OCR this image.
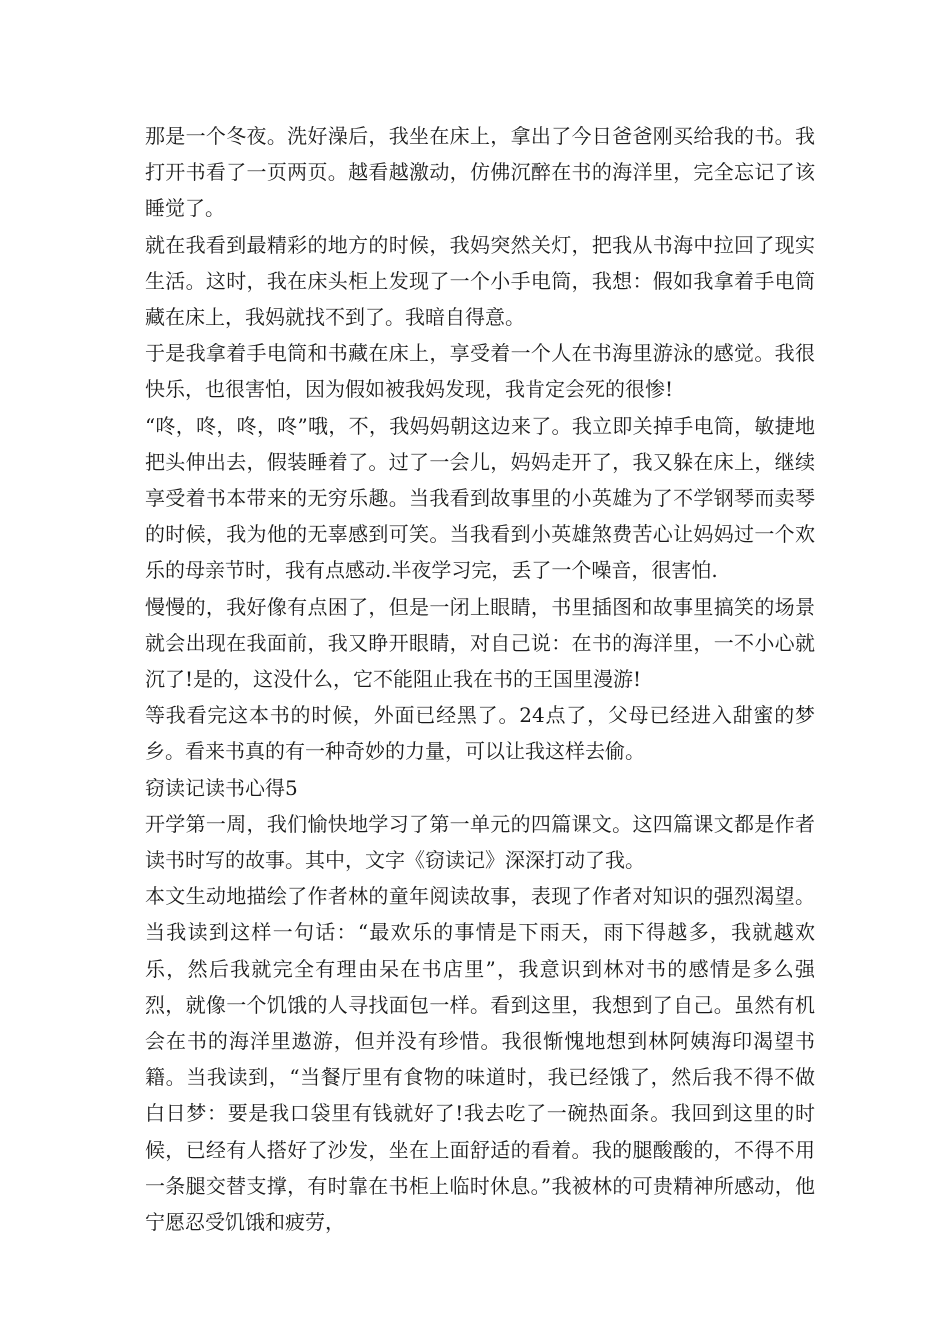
那是一个冬夜。洗好澡后，我坐在床上，拿出了今日爸爸刚买给我的书。我打开书看了一页两页。越看越激动，仿佛沉醉在书的海洋里，完全忘记了该睡觉了。

就在我看到最精彩的地方的时候，我妈突然关灯，把我从书海中拉回了现实生活。这时，我在床头柜上发现了一个小手电筒，我想：假如我拿着手电筒藏在床上，我妈就找不到了。我暗自得意。

于是我拿着手电筒和书藏在床上，享受着一个人在书海里游泳的感觉。我很快乐，也很害怕，因为假如被我妈发现，我肯定会死的很惨!

“咚，咚，咚，咚”哦，不，我妈妈朝这边来了。我立即关掉手电筒，敏捷地把头伸出去，假装睡着了。过了一会儿，妈妈走开了，我又躲在床上，继续享受着书本带来的无穷乐趣。当我看到故事里的小英雄为了不学钢琴而卖琴的时候，我为他的无辜感到可笑。当我看到小英雄煞费苦心让妈妈过一个欢乐的母亲节时，我有点感动.半夜学习完，丢了一个噪音，很害怕.

慢慢的，我好像有点困了，但是一闭上眼睛，书里插图和故事里搞笑的场景就会出现在我面前，我又睁开眼睛，对自己说：在书的海洋里，一不小心就沉了!是的，这没什么，它不能阻止我在书的王国里漫游!

等我看完这本书的时候，外面已经黑了。24点了，父母已经进入甜蜜的梦乡。看来书真的有一种奇妙的力量，可以让我这样去偷。

窃读记读书心得5

开学第一周，我们愉快地学习了第一单元的四篇课文。这四篇课文都是作者读书时写的故事。其中，文字《窃读记》深深打动了我。

本文生动地描绘了作者林的童年阅读故事，表现了作者对知识的强烈渴望。当我读到这样一句话：“最欢乐的事情是下雨天，雨下得越多，我就越欢乐，然后我就完全有理由呆在书店里”，我意识到林对书的感情是多么强烈，就像一个饥饿的人寻找面包一样。看到这里，我想到了自己。虽然有机会在书的海洋里遨游，但并没有珍惜。我很惭愧地想到林阿姨海印渴望书籍。当我读到，“当餐厅里有食物的味道时，我已经饿了，然后我不得不做白日梦：要是我口袋里有钱就好了!我去吃了一碗热面条。我回到这里的时候，已经有人搭好了沙发，坐在上面舒适的看着。我的腿酸酸的，不得不用一条腿交替支撑，有时靠在书柜上临时休息。”我被林的可贵精神所感动，他宁愿忍受饥饿和疲劳，
